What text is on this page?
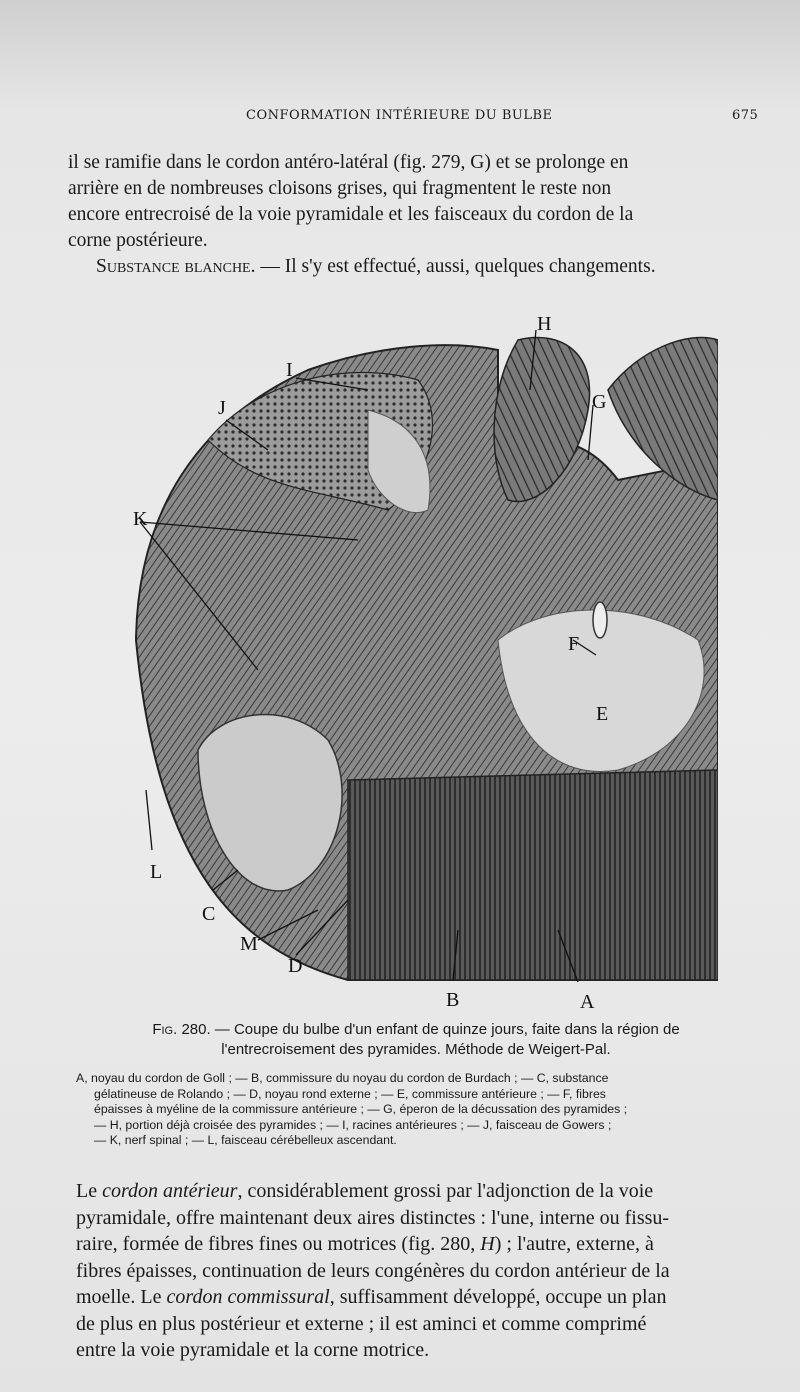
CONFORMATION INTÉRIEURE DU BULBE	675
il se ramifie dans le cordon antéro-latéral (fig. 279, G) et se prolonge en
arrière en de nombreuses cloisons grises, qui fragmentent le reste non
encore entrecroisé de la voie pyramidale et les faisceaux du cordon de la
corne postérieure.
Substance blanche. — Il s'y est effectué, aussi, quelques changements.
H
I
J	G
K
F
E
L
C
M
D
B	A
Fig. 280. — Coupe du bulbe d'un enfant de quinze jours, faite dans la région de
l'entrecroisement des pyramides. Méthode de Weigert-Pal.
A, noyau du cordon de Goll ; — B, commissure du noyau du cordon de Burdach ; — C, substance
gélatineuse de Rolando ; — D, noyau rond externe ; — E, commissure antérieure ; — F, fibres
épaisses à myéline de la commissure antérieure ; — G, éperon de la décussation des pyramides ;
— H, portion déjà croisée des pyramides ; — I, racines antérieures ; — J, faisceau de Gowers ;
— K, nerf spinal ; — L, faisceau cérébelleux ascendant.
Le cordon antérieur, considérablement grossi par l'adjonction de la voie
pyramidale, offre maintenant deux aires distinctes : l'une, interne ou fissu-
raire, formée de fibres fines ou motrices (fig. 280, H) ; l'autre, externe, à
fibres épaisses, continuation de leurs congénères du cordon antérieur de la
moelle. Le cordon commissural, suffisamment développé, occupe un plan
de plus en plus postérieur et externe ; il est aminci et comme comprimé
entre la voie pyramidale et la corne motrice.
